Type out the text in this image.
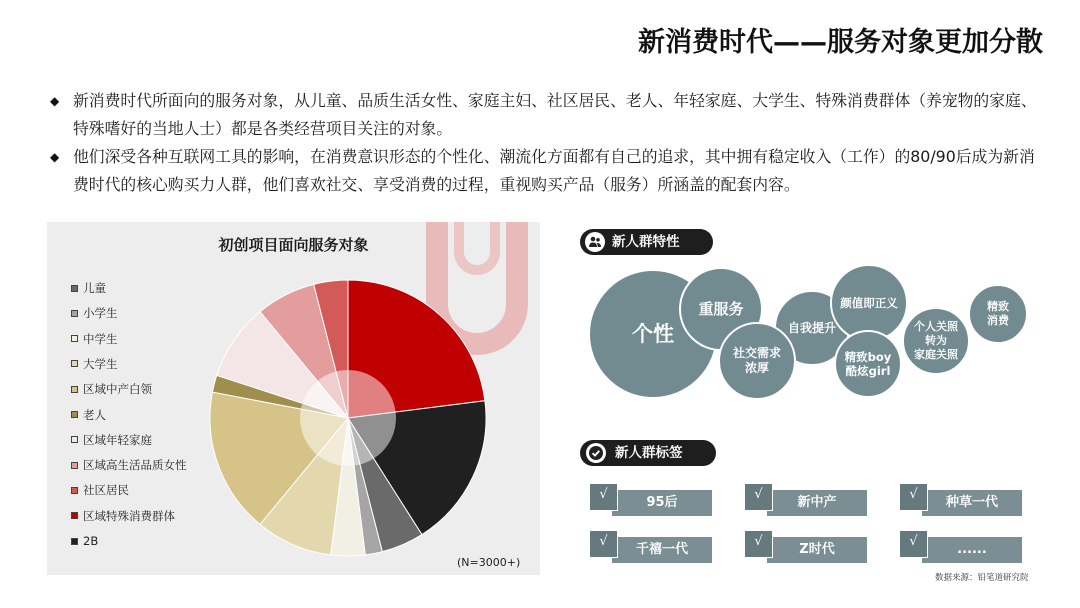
新消费时代——服务对象更加分散
◆ 新消费时代所面向的服务对象，从儿童、品质生活女性、家庭主妇、社区居民、老人、年轻家庭、大学生、特殊消费群体（养宠物的家庭、
特殊嗜好的当地人士）都是各类经营项目关注的对象。
◆ 他们深受各种互联网工具的影响，在消费意识形态的个性化、潮流化方面都有自己的追求，其中拥有稳定收入（工作）的80/90后成为新消
费时代的核心购买力人群，他们喜欢社交、享受消费的过程，重视购买产品（服务）所涵盖的配套内容。
初创项目面向服务对象
儿童
小学生
中学生
大学生
区域中产白领
老人
区域年轻家庭
区域高生活品质女性
社区居民
区域特殊消费群体
2B
(N=3000+)
新人群特性
个性	自我提升
重服务
社交需求
浓厚
颜值即正义
精致boy
酷炫girl
个人关照
转为
家庭关照
精致
消费
新人群标签
95后
√
新中产
√
种草一代
√
千禧一代
√
Z时代
√
......
√
数据来源：铅笔道研究院
